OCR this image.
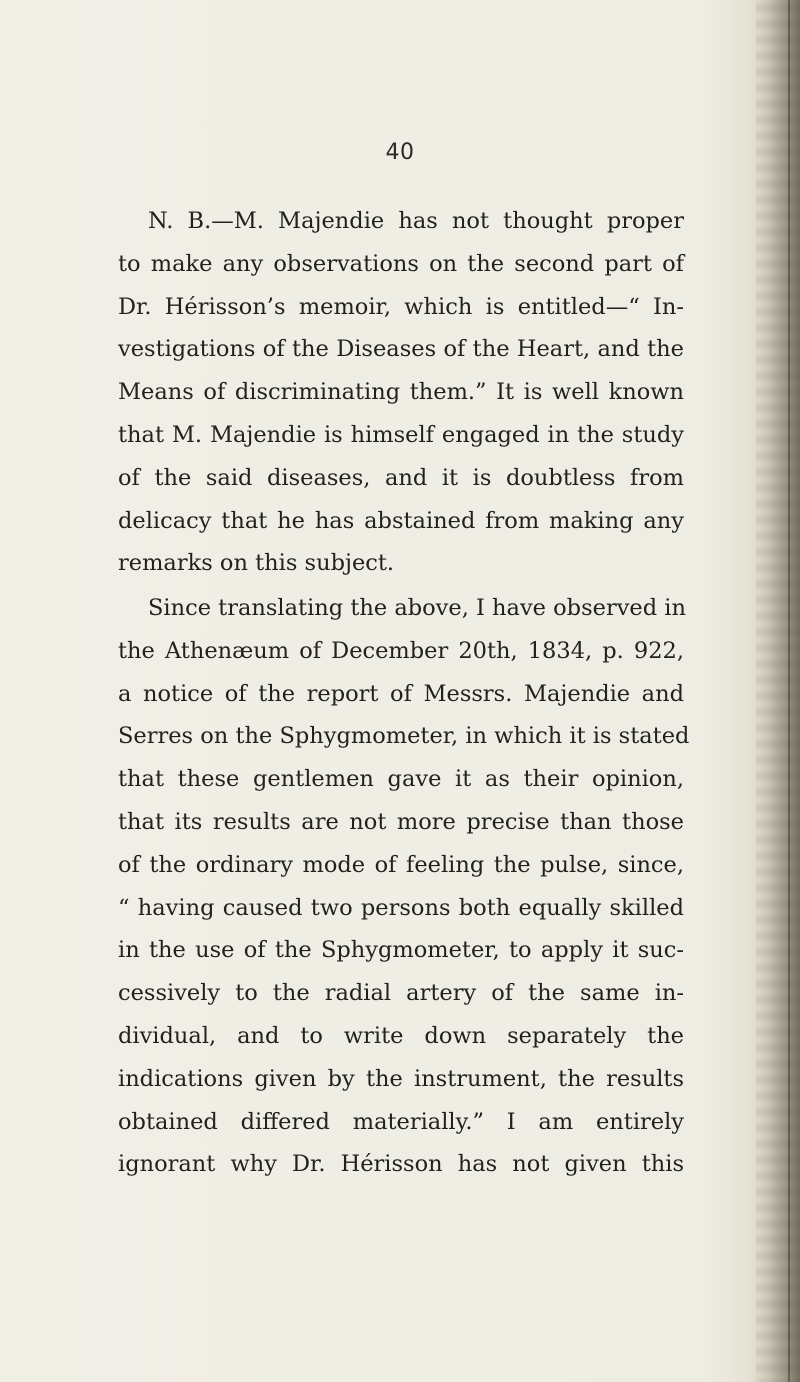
40
N. B.—M. Majendie has not thought proper
to make any observations on the second part of
Dr. Hérisson’s memoir, which is entitled—“ In-
vestigations of the Diseases of the Heart, and the
Means of discriminating them.” It is well known
that M. Majendie is himself engaged in the study
of the said diseases, and it is doubtless from
delicacy that he has abstained from making any
remarks on this subject.
Since translating the above, I have observed in
the Athenæum of December 20th, 1834, p. 922,
a notice of the report of Messrs. Majendie and
Serres on the Sphygmometer, in which it is stated
that these gentlemen gave it as their opinion,
that its results are not more precise than those
of the ordinary mode of feeling the pulse, since,
“ having caused two persons both equally skilled
in the use of the Sphygmometer, to apply it suc-
cessively to the radial artery of the same in-
dividual, and to write down separately the
indications given by the instrument, the results
obtained differed materially.” I am entirely
ignorant why Dr. Hérisson has not given this
